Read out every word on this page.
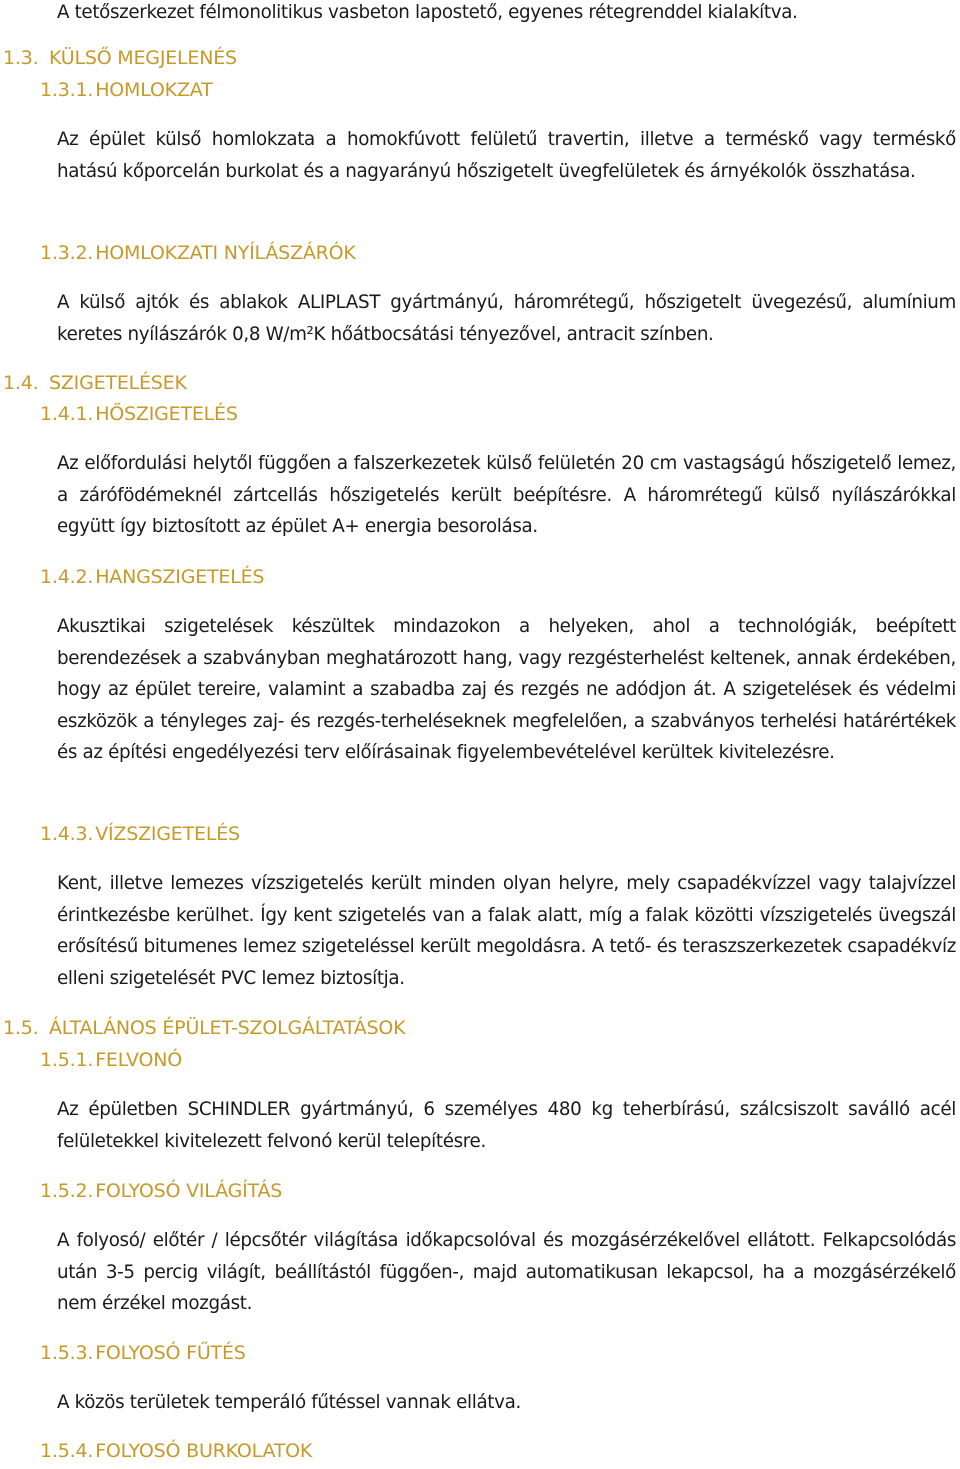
A tetőszerkezet félmonolitikus vasbeton lapostető, egyenes rétegrenddel kialakítva.

1.3. KÜLSŐ MEGJELENÉS
1.3.1. HOMLOKZAT

Az épület külső homlokzata a homokfúvott felületű travertin, illetve a terméskő vagy terméskő hatású kőporcelán burkolat és a nagyarányú hőszigetelt üvegfelületek és árnyékolók összhatása.

1.3.2. HOMLOKZATI NYÍLÁSZÁRÓK

A külső ajtók és ablakok ALIPLAST gyártmányú, háromrétegű, hőszigetelt üvegezésű, alumínium keretes nyílászárók 0,8 W/m²K hőátbocsátási tényezővel, antracit színben.

1.4. SZIGETELÉSEK
1.4.1. HŐSZIGETELÉS

Az előfordulási helytől függően a falszerkezetek külső felületén 20 cm vastagságú hőszigetelő lemez, a zárófödémeknél zártcellás hőszigetelés került beépítésre. A háromrétegű külső nyílászárókkal együtt így biztosított az épület A+ energia besorolása.

1.4.2. HANGSZIGETELÉS

Akusztikai szigetelések készültek mindazokon a helyeken, ahol a technológiák, beépített berendezések a szabványban meghatározott hang, vagy rezgésterhelést keltenek, annak érdekében, hogy az épület tereire, valamint a szabadba zaj és rezgés ne adódjon át. A szigetelések és védelmi eszközök a tényleges zaj- és rezgés-terheléseknek megfelelően, a szabványos terhelési határértékek és az építési engedélyezési terv előírásainak figyelembevételével kerültek kivitelezésre.

1.4.3. VÍZSZIGETELÉS

Kent, illetve lemezes vízszigetelés került minden olyan helyre, mely csapadékvízzel vagy talajvízzel érintkezésbe kerülhet. Így kent szigetelés van a falak alatt, míg a falak közötti vízszigetelés üvegszál erősítésű bitumenes lemez szigeteléssel került megoldásra. A tető- és teraszszerkezetek csapadékvíz elleni szigetelését PVC lemez biztosítja.

1.5. ÁLTALÁNOS ÉPÜLET-SZOLGÁLTATÁSOK
1.5.1. FELVONÓ

Az épületben SCHINDLER gyártmányú, 6 személyes 480 kg teherbírású, szálcsiszolt saválló acél felületekkel kivitelezett felvonó kerül telepítésre.

1.5.2. FOLYOSÓ VILÁGÍTÁS

A folyosó/ előtér / lépcsőtér világítása időkapcsolóval és mozgásérzékelővel ellátott. Felkapcsolódás után 3-5 percig világít, beállítástól függően-, majd automatikusan lekapcsol, ha a mozgásérzékelő nem érzékel mozgást.

1.5.3. FOLYOSÓ FŰTÉS

A közös területek temperáló fűtéssel vannak ellátva.

1.5.4. FOLYOSÓ BURKOLATOK
